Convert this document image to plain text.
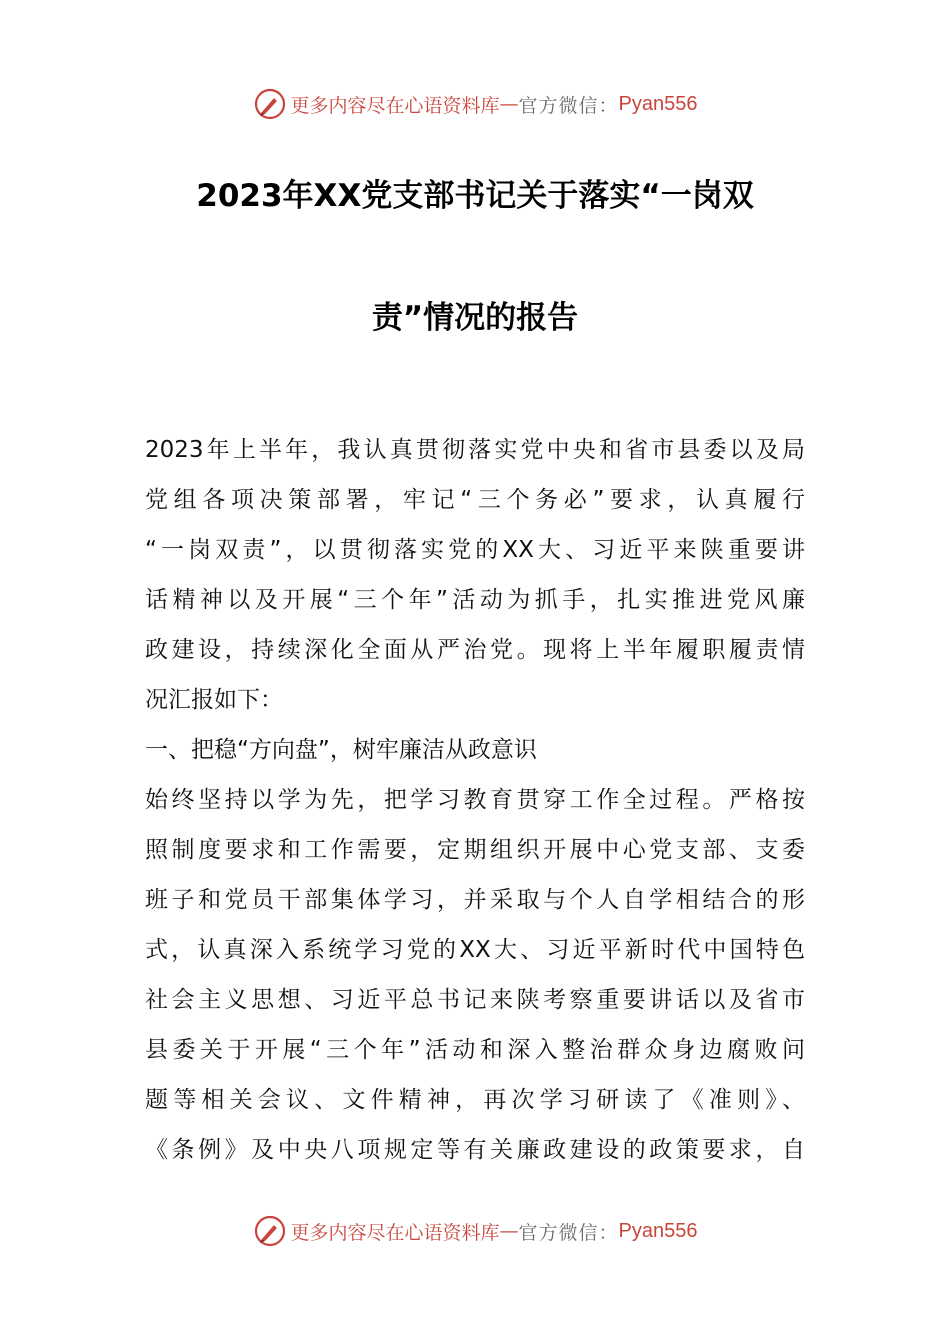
更多内容尽在心语资料库 — 官方微信： Pyan556
2023年XX党支部书记关于落实“一岗双
责”情况的报告
2023年上半年，我认真贯彻落实党中央和省市县委以及局
党组各项决策部署，牢记“三个务必”要求，认真履行
“一岗双责”，以贯彻落实党的XX大、习近平来陕重要讲
话精神以及开展“三个年”活动为抓手，扎实推进党风廉
政建设，持续深化全面从严治党。现将上半年履职履责情
况汇报如下：
一、把稳“方向盘”，树牢廉洁从政意识
始终坚持以学为先，把学习教育贯穿工作全过程。严格按
照制度要求和工作需要，定期组织开展中心党支部、支委
班子和党员干部集体学习，并采取与个人自学相结合的形
式，认真深入系统学习党的XX大、习近平新时代中国特色
社会主义思想、习近平总书记来陕考察重要讲话以及省市
县委关于开展“三个年”活动和深入整治群众身边腐败问
题等相关会议、文件精神，再次学习研读了《准则》、
《条例》及中央八项规定等有关廉政建设的政策要求，自
更多内容尽在心语资料库 — 官方微信： Pyan556
